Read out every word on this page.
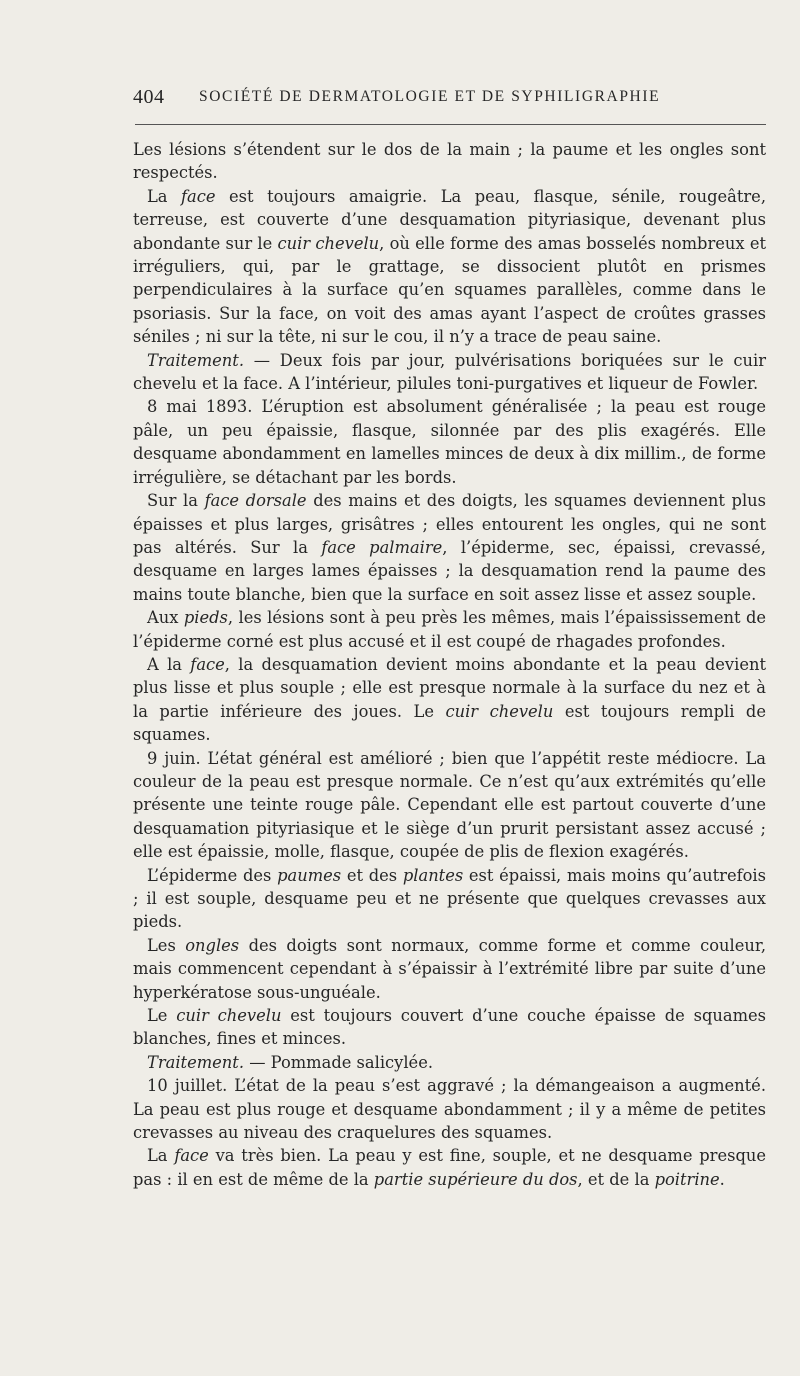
404 SOCIÉTÉ DE DERMATOLOGIE ET DE SYPHILIGRAPHIE

Les lésions s’étendent sur le dos de la main ; la paume et les ongles sont respectés.

La face est toujours amaigrie. La peau, flasque, sénile, rougeâtre, terreuse, est couverte d’une desquamation pityriasique, devenant plus abondante sur le cuir chevelu, où elle forme des amas bosselés nombreux et irréguliers, qui, par le grattage, se dissocient plutôt en prismes perpendiculaires à la surface qu’en squames parallèles, comme dans le psoriasis. Sur la face, on voit des amas ayant l’aspect de croûtes grasses séniles ; ni sur la tête, ni sur le cou, il n’y a trace de peau saine.

Traitement. — Deux fois par jour, pulvérisations boriquées sur le cuir chevelu et la face. A l’intérieur, pilules toni-purgatives et liqueur de Fowler.

8 mai 1893. L’éruption est absolument généralisée ; la peau est rouge pâle, un peu épaissie, flasque, silonnée par des plis exagérés. Elle desquame abondamment en lamelles minces de deux à dix millim., de forme irrégulière, se détachant par les bords.

Sur la face dorsale des mains et des doigts, les squames deviennent plus épaisses et plus larges, grisâtres ; elles entourent les ongles, qui ne sont pas altérés. Sur la face palmaire, l’épiderme, sec, épaissi, crevassé, desquame en larges lames épaisses ; la desquamation rend la paume des mains toute blanche, bien que la surface en soit assez lisse et assez souple.

Aux pieds, les lésions sont à peu près les mêmes, mais l’épaississement de l’épiderme corné est plus accusé et il est coupé de rhagades profondes.

A la face, la desquamation devient moins abondante et la peau devient plus lisse et plus souple ; elle est presque normale à la surface du nez et à la partie inférieure des joues. Le cuir chevelu est toujours rempli de squames.

9 juin. L’état général est amélioré ; bien que l’appétit reste médiocre. La couleur de la peau est presque normale. Ce n’est qu’aux extrémités qu’elle présente une teinte rouge pâle. Cependant elle est partout couverte d’une desquamation pityriasique et le siège d’un prurit persistant assez accusé ; elle est épaissie, molle, flasque, coupée de plis de flexion exagérés.

L’épiderme des paumes et des plantes est épaissi, mais moins qu’autrefois ; il est souple, desquame peu et ne présente que quelques crevasses aux pieds.

Les ongles des doigts sont normaux, comme forme et comme couleur, mais commencent cependant à s’épaissir à l’extrémité libre par suite d’une hyperkératose sous-unguéale.

Le cuir chevelu est toujours couvert d’une couche épaisse de squames blanches, fines et minces.

Traitement. — Pommade salicylée.

10 juillet. L’état de la peau s’est aggravé ; la démangeaison a augmenté. La peau est plus rouge et desquame abondamment ; il y a même de petites crevasses au niveau des craquelures des squames.

La face va très bien. La peau y est fine, souple, et ne desquame presque pas : il en est de même de la partie supérieure du dos, et de la poitrine.
